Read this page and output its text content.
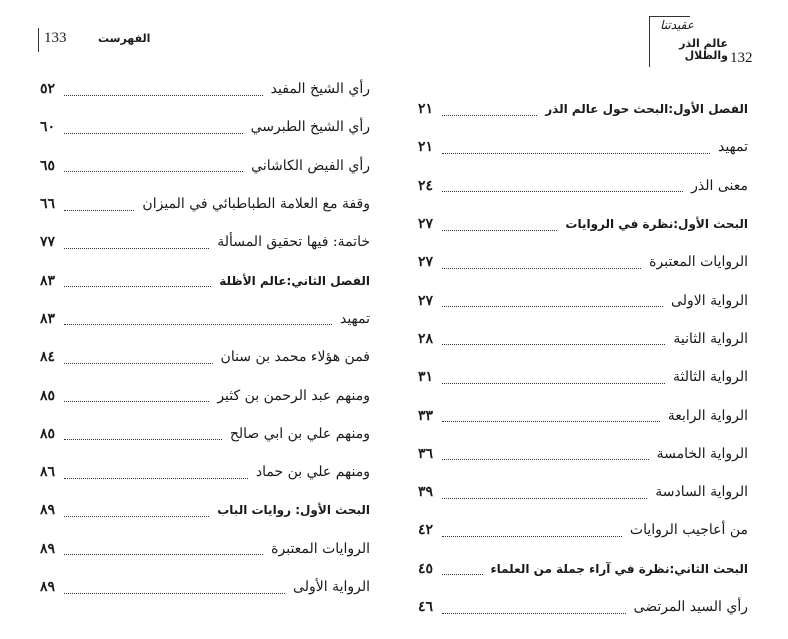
133	الفهرست
٥٢	رأي الشيخ المفيد
٦٠	رأي الشيخ الطبرسي
٦٥	رأي الفيض الكاشاني
٦٦	وقفة مع العلامة الطباطبائي في الميزان
٧٧	خاتمة: فيها تحقيق المسألة
٨٣	الفصل الثاني:عالم الأظلة
٨٣	تمهيد
٨٤	فمن هؤلاء محمد بن سنان
٨٥	ومنهم عبد الرحمن بن كثير
٨٥	ومنهم علي بن ابي صالح
٨٦	ومنهم علي بن حماد
٨٩	البحث الأول: روايات الباب
٨٩	الروايات المعتبرة
٨٩	الرواية الأولى
عقيدتنا
عالم الذر
والظلال 132
٢١	الفصل الأول:البحث حول عالم الذر
٢١	تمهيد
٢٤	معنى الذر
٢٧	البحث الأول:نظرة في الروايات
٢٧	الروايات المعتبرة
٢٧	الرواية الاولى
٢٨	الرواية الثانية
٣١	الرواية الثالثة
٣٣	الرواية الرابعة
٣٦	الرواية الخامسة
٣٩	الرواية السادسة
٤٢	من أعاجيب الروايات
٤٥	البحث الثاني:نظرة في آراء جملة من العلماء
٤٦	رأي السيد المرتضى
